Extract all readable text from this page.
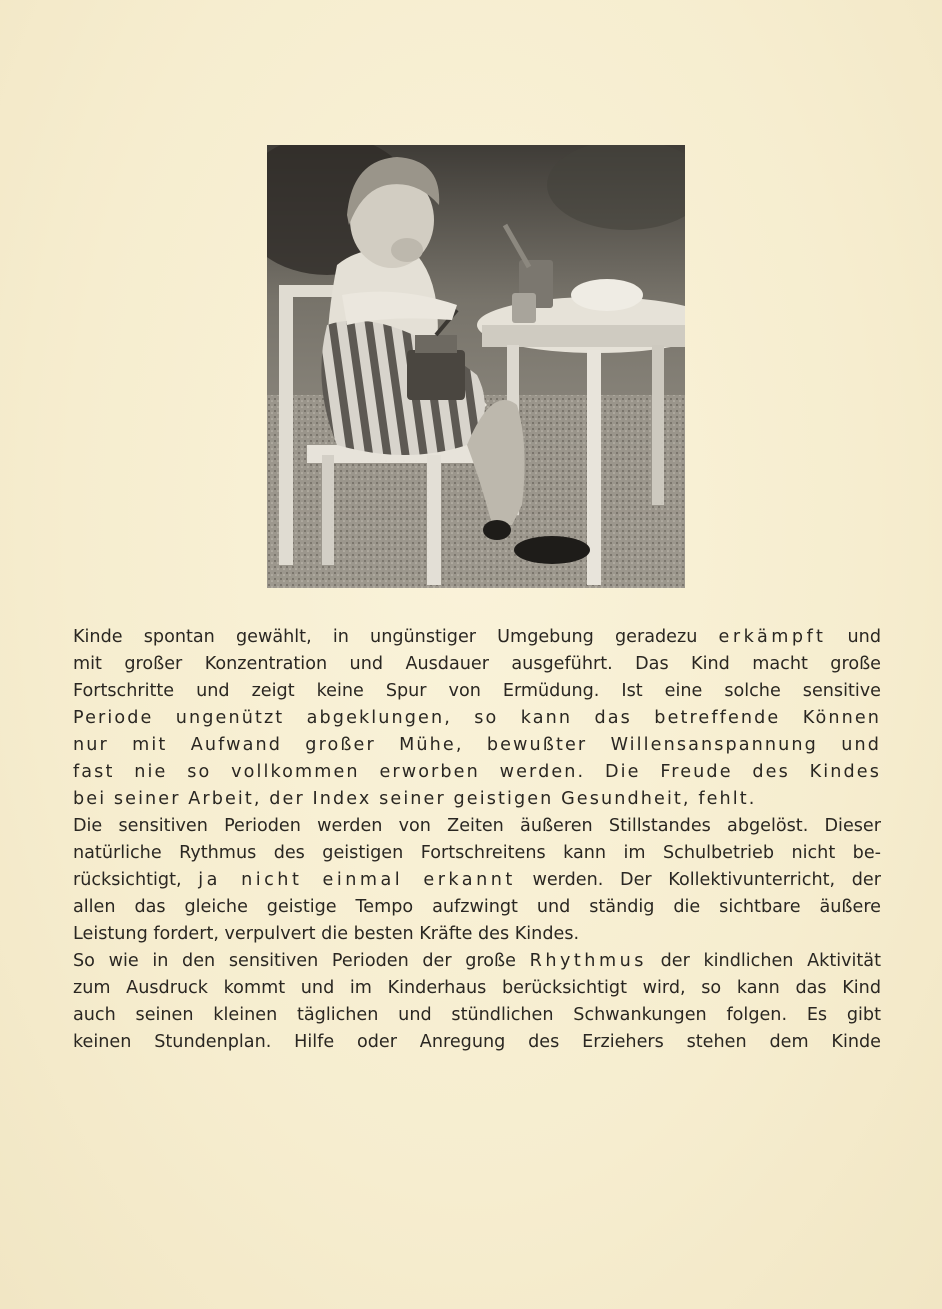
Kinde spontan gewählt, in ungünstiger Umgebung geradezu erkämpft und
mit großer Konzentration und Ausdauer ausgeführt. Das Kind macht große
Fortschritte und zeigt keine Spur von Ermüdung. Ist eine solche sensitive
Periode ungenützt abgeklungen, so kann das betreffende Können
nur mit Aufwand großer Mühe, bewußter Willensanspannung und
fast nie so vollkommen erworben werden. Die Freude des Kindes
bei seiner Arbeit, der Index seiner geistigen Gesundheit, fehlt.

Die sensitiven Perioden werden von Zeiten äußeren Stillstandes abgelöst. Dieser
natürliche Rythmus des geistigen Fortschreitens kann im Schulbetrieb nicht be-
rücksichtigt, ja nicht einmal erkannt werden. Der Kollektivunterricht, der
allen das gleiche geistige Tempo aufzwingt und ständig die sichtbare äußere
Leistung fordert, verpulvert die besten Kräfte des Kindes.

So wie in den sensitiven Perioden der große Rhythmus der kindlichen Aktivität
zum Ausdruck kommt und im Kinderhaus berücksichtigt wird, so kann das Kind
auch seinen kleinen täglichen und stündlichen Schwankungen folgen. Es gibt
keinen Stundenplan. Hilfe oder Anregung des Erziehers stehen dem Kinde
